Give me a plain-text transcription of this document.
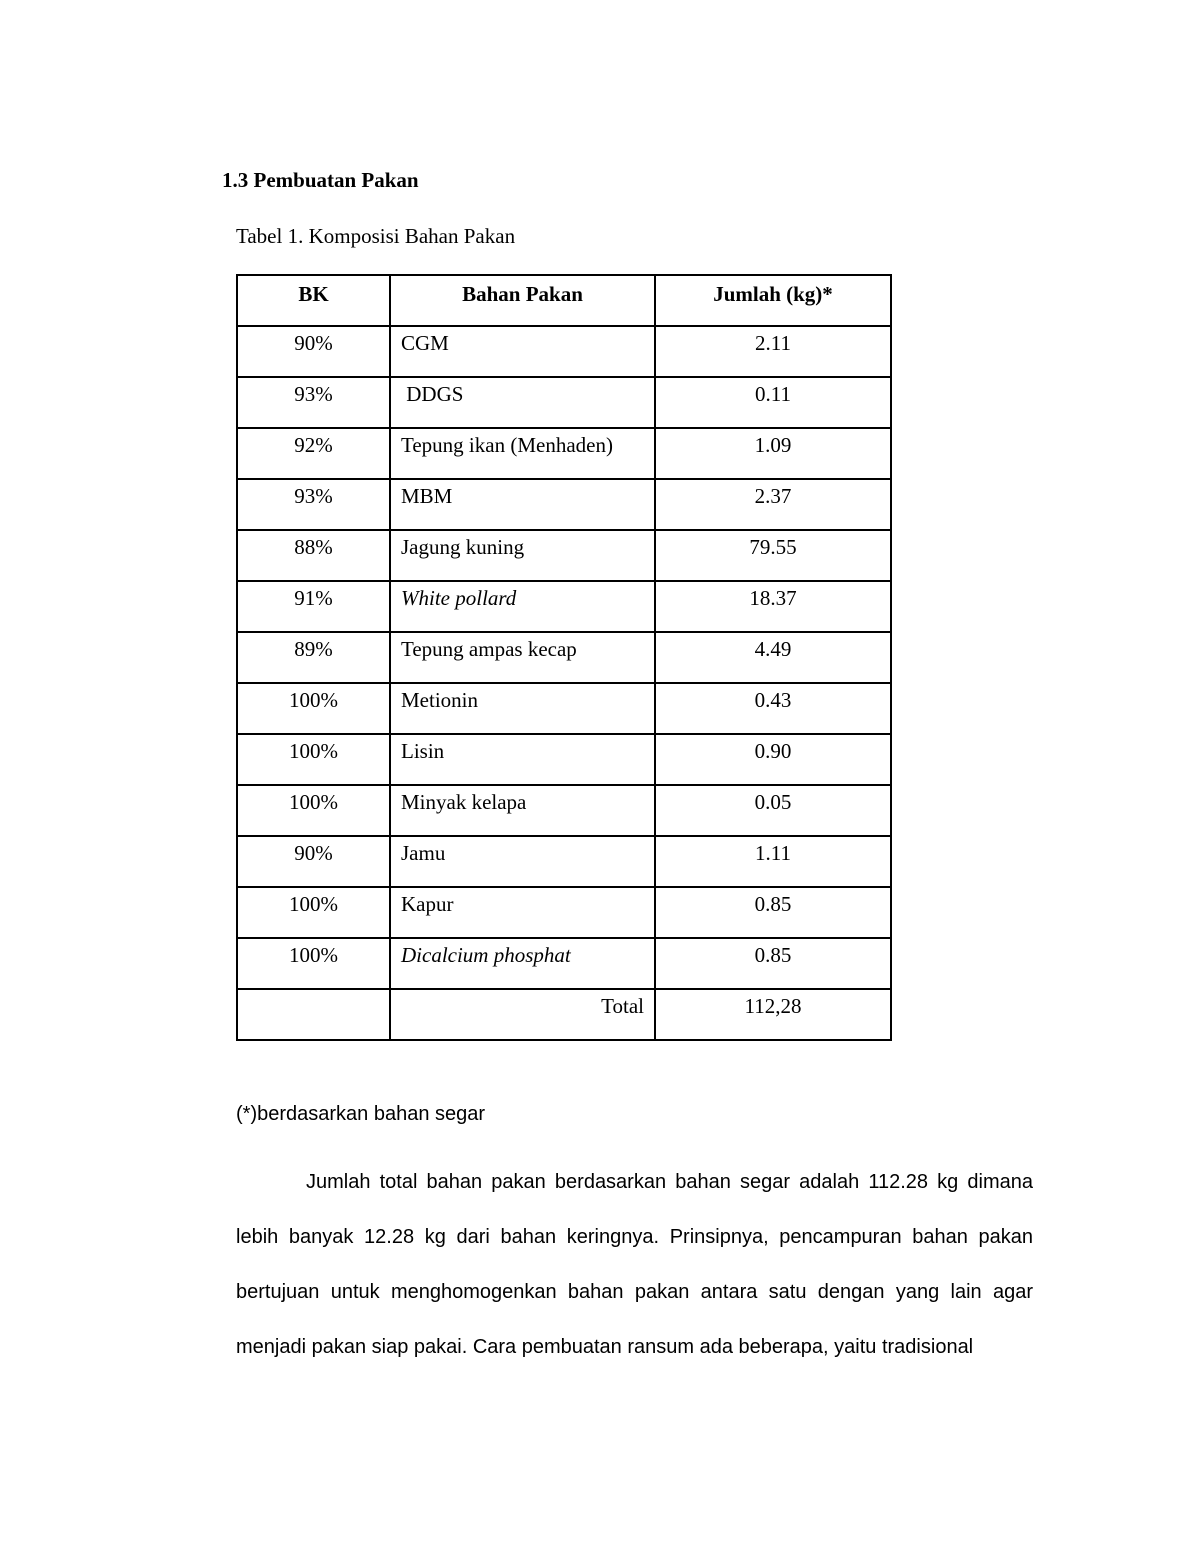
1.3 Pembuatan Pakan
Tabel 1. Komposisi Bahan Pakan
BK	Bahan Pakan	Jumlah (kg)*
90%	CGM	2.11
93%	DDGS	0.11
92%	Tepung ikan (Menhaden)	1.09
93%	MBM	2.37
88%	Jagung kuning	79.55
91%	White pollard	18.37
89%	Tepung ampas kecap	4.49
100%	Metionin	0.43
100%	Lisin	0.90
100%	Minyak kelapa	0.05
90%	Jamu	1.11
100%	Kapur	0.85
100%	Dicalcium phosphat	0.85
	Total	112,28
(*)berdasarkan bahan segar

Jumlah total bahan pakan berdasarkan bahan segar adalah 112.28 kg dimana lebih banyak 12.28 kg dari bahan keringnya. Prinsipnya, pencampuran bahan pakan bertujuan untuk menghomogenkan bahan pakan antara satu dengan yang lain agar menjadi pakan siap pakai. Cara pembuatan ransum ada beberapa, yaitu tradisional
